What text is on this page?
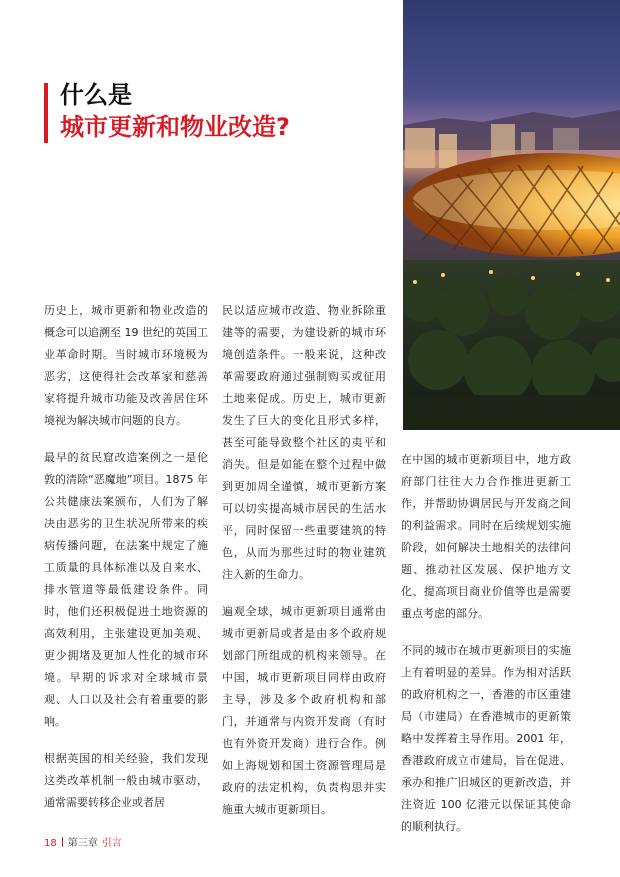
什么是
城市更新和物业改造?

历史上，城市更新和物业改造的概念可以追溯至 19 世纪的英国工业革命时期。当时城市环境极为恶劣，这使得社会改革家和慈善家将提升城市功能及改善居住环境视为解决城市问题的良方。

最早的贫民窟改造案例之一是伦敦的清除“恶魔地”项目。1875 年公共健康法案颁布，人们为了解决由恶劣的卫生状况所带来的疾病传播问题，在法案中规定了施工质量的具体标准以及自来水、排水管道等最低建设条件。同时，他们还积极促进土地资源的高效利用，主张建设更加美观、更少拥堵及更加人性化的城市环境。早期的诉求对全球城市景观、人口以及社会有着重要的影响。

根据英国的相关经验，我们发现这类改革机制一般由城市驱动，通常需要转移企业或者居

民以适应城市改造、物业拆除重建等的需要，为建设新的城市环境创造条件。一般来说，这种改革需要政府通过强制购买或征用土地来促成。历史上，城市更新发生了巨大的变化且形式多样，甚至可能导致整个社区的夷平和消失。但是如能在整个过程中做到更加周全谨慎，城市更新方案可以切实提高城市居民的生活水平，同时保留一些重要建筑的特色，从而为那些过时的物业建筑注入新的生命力。

遍观全球，城市更新项目通常由城市更新局或者是由多个政府规划部门所组成的机构来领导。在中国，城市更新项目同样由政府主导，涉及多个政府机构和部门，并通常与内资开发商（有时也有外资开发商）进行合作。例如上海规划和国土资源管理局是政府的法定机构，负责构思并实施重大城市更新项目。

在中国的城市更新项目中，地方政府部门往往大力合作推进更新工作，并帮助协调居民与开发商之间的利益需求。同时在后续规划实施阶段，如何解决土地相关的法律问题、推动社区发展、保护地方文化、提高项目商业价值等也是需要重点考虑的部分。

不同的城市在城市更新项目的实施上有着明显的差异。作为相对活跃的政府机构之一，香港的市区重建局（市建局）在香港城市的更新策略中发挥着主导作用。2001 年，香港政府成立市建局，旨在促进、承办和推广旧城区的更新改造，并注资近 100 亿港元以保证其使命的顺利执行。

18 第三章 引言
